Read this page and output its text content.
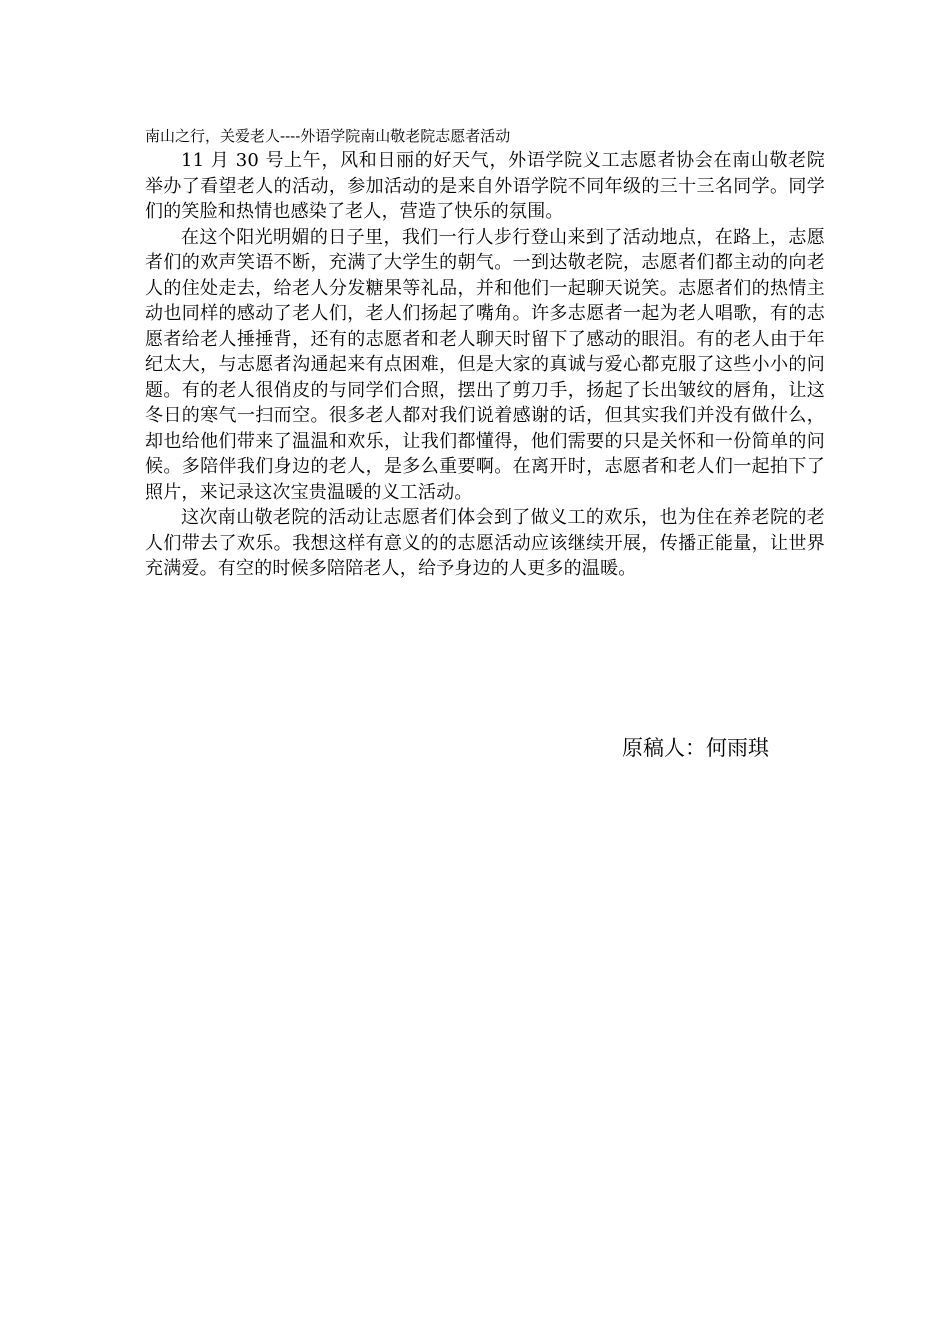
南山之行，关爱老人----外语学院南山敬老院志愿者活动

11 月 30 号上午，风和日丽的好天气，外语学院义工志愿者协会在南山敬老院举办了看望老人的活动，参加活动的是来自外语学院不同年级的三十三名同学。同学们的笑脸和热情也感染了老人，营造了快乐的氛围。

在这个阳光明媚的日子里，我们一行人步行登山来到了活动地点，在路上，志愿者们的欢声笑语不断，充满了大学生的朝气。一到达敬老院，志愿者们都主动的向老人的住处走去，给老人分发糖果等礼品，并和他们一起聊天说笑。志愿者们的热情主动也同样的感动了老人们，老人们扬起了嘴角。许多志愿者一起为老人唱歌，有的志愿者给老人捶捶背，还有的志愿者和老人聊天时留下了感动的眼泪。有的老人由于年纪太大，与志愿者沟通起来有点困难，但是大家的真诚与爱心都克服了这些小小的问题。有的老人很俏皮的与同学们合照，摆出了剪刀手，扬起了长出皱纹的唇角，让这冬日的寒气一扫而空。很多老人都对我们说着感谢的话，但其实我们并没有做什么，却也给他们带来了温温和欢乐，让我们都懂得，他们需要的只是关怀和一份简单的问候。多陪伴我们身边的老人，是多么重要啊。在离开时，志愿者和老人们一起拍下了照片，来记录这次宝贵温暖的义工活动。

这次南山敬老院的活动让志愿者们体会到了做义工的欢乐，也为住在养老院的老人们带去了欢乐。我想这样有意义的的志愿活动应该继续开展，传播正能量，让世界充满爱。有空的时候多陪陪老人，给予身边的人更多的温暖。

原稿人：何雨琪
